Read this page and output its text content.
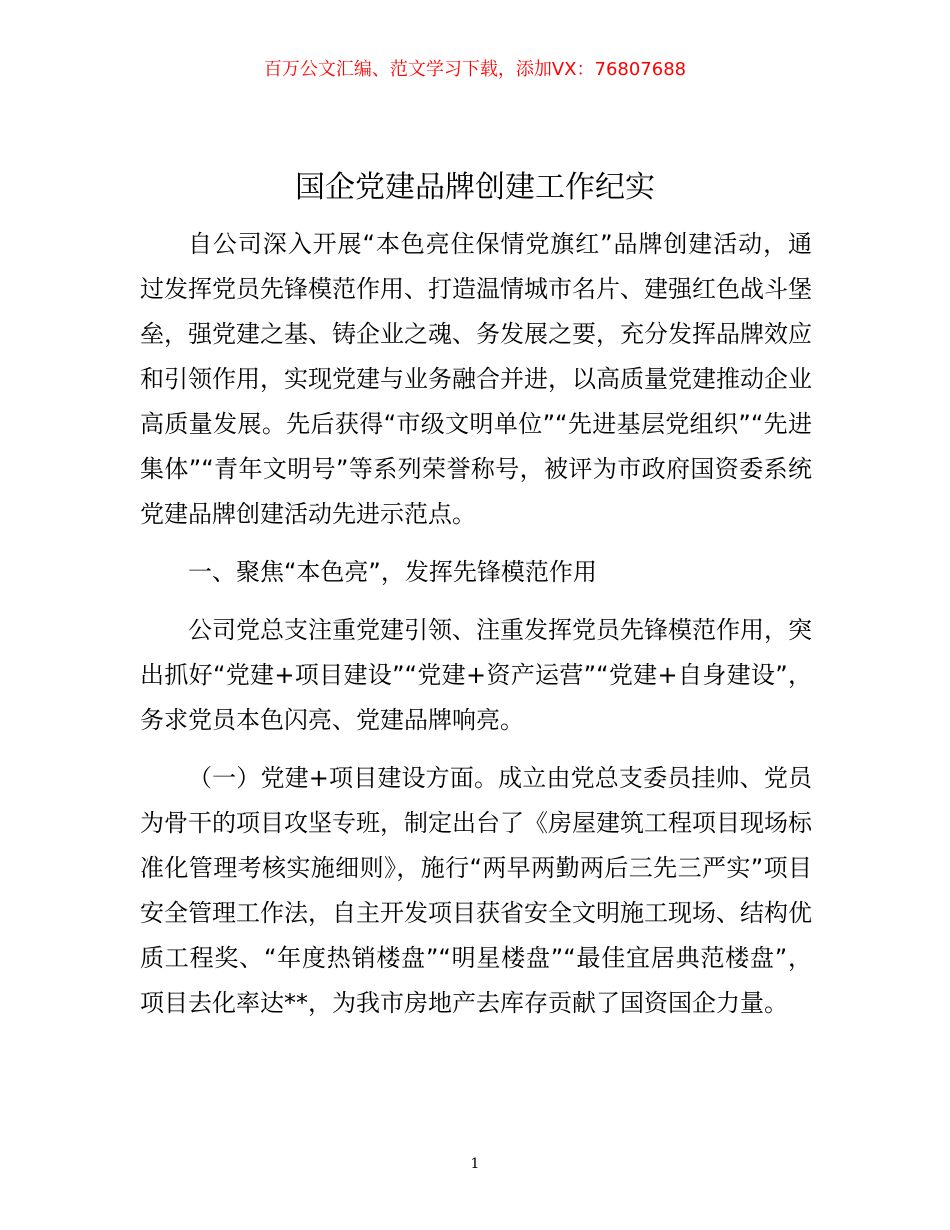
百万公文汇编、范文学习下载，添加VX：76807688
国企党建品牌创建工作纪实

自公司深入开展“本色亮住保情党旗红”品牌创建活动，通过发挥党员先锋模范作用、打造温情城市名片、建强红色战斗堡垒，强党建之基、铸企业之魂、务发展之要，充分发挥品牌效应和引领作用，实现党建与业务融合并进，以高质量党建推动企业高质量发展。先后获得“市级文明单位”“先进基层党组织”“先进集体”“青年文明号”等系列荣誉称号，被评为市政府国资委系统党建品牌创建活动先进示范点。

一、聚焦“本色亮”，发挥先锋模范作用

公司党总支注重党建引领、注重发挥党员先锋模范作用，突出抓好“党建+项目建设”“党建+资产运营”“党建+自身建设”，务求党员本色闪亮、党建品牌响亮。

（一）党建+项目建设方面。成立由党总支委员挂帅、党员为骨干的项目攻坚专班，制定出台了《房屋建筑工程项目现场标准化管理考核实施细则》，施行“两早两勤两后三先三严实”项目安全管理工作法，自主开发项目获省安全文明施工现场、结构优质工程奖、“年度热销楼盘”“明星楼盘”“最佳宜居典范楼盘”，项目去化率达**，为我市房地产去库存贡献了国资国企力量。

1
